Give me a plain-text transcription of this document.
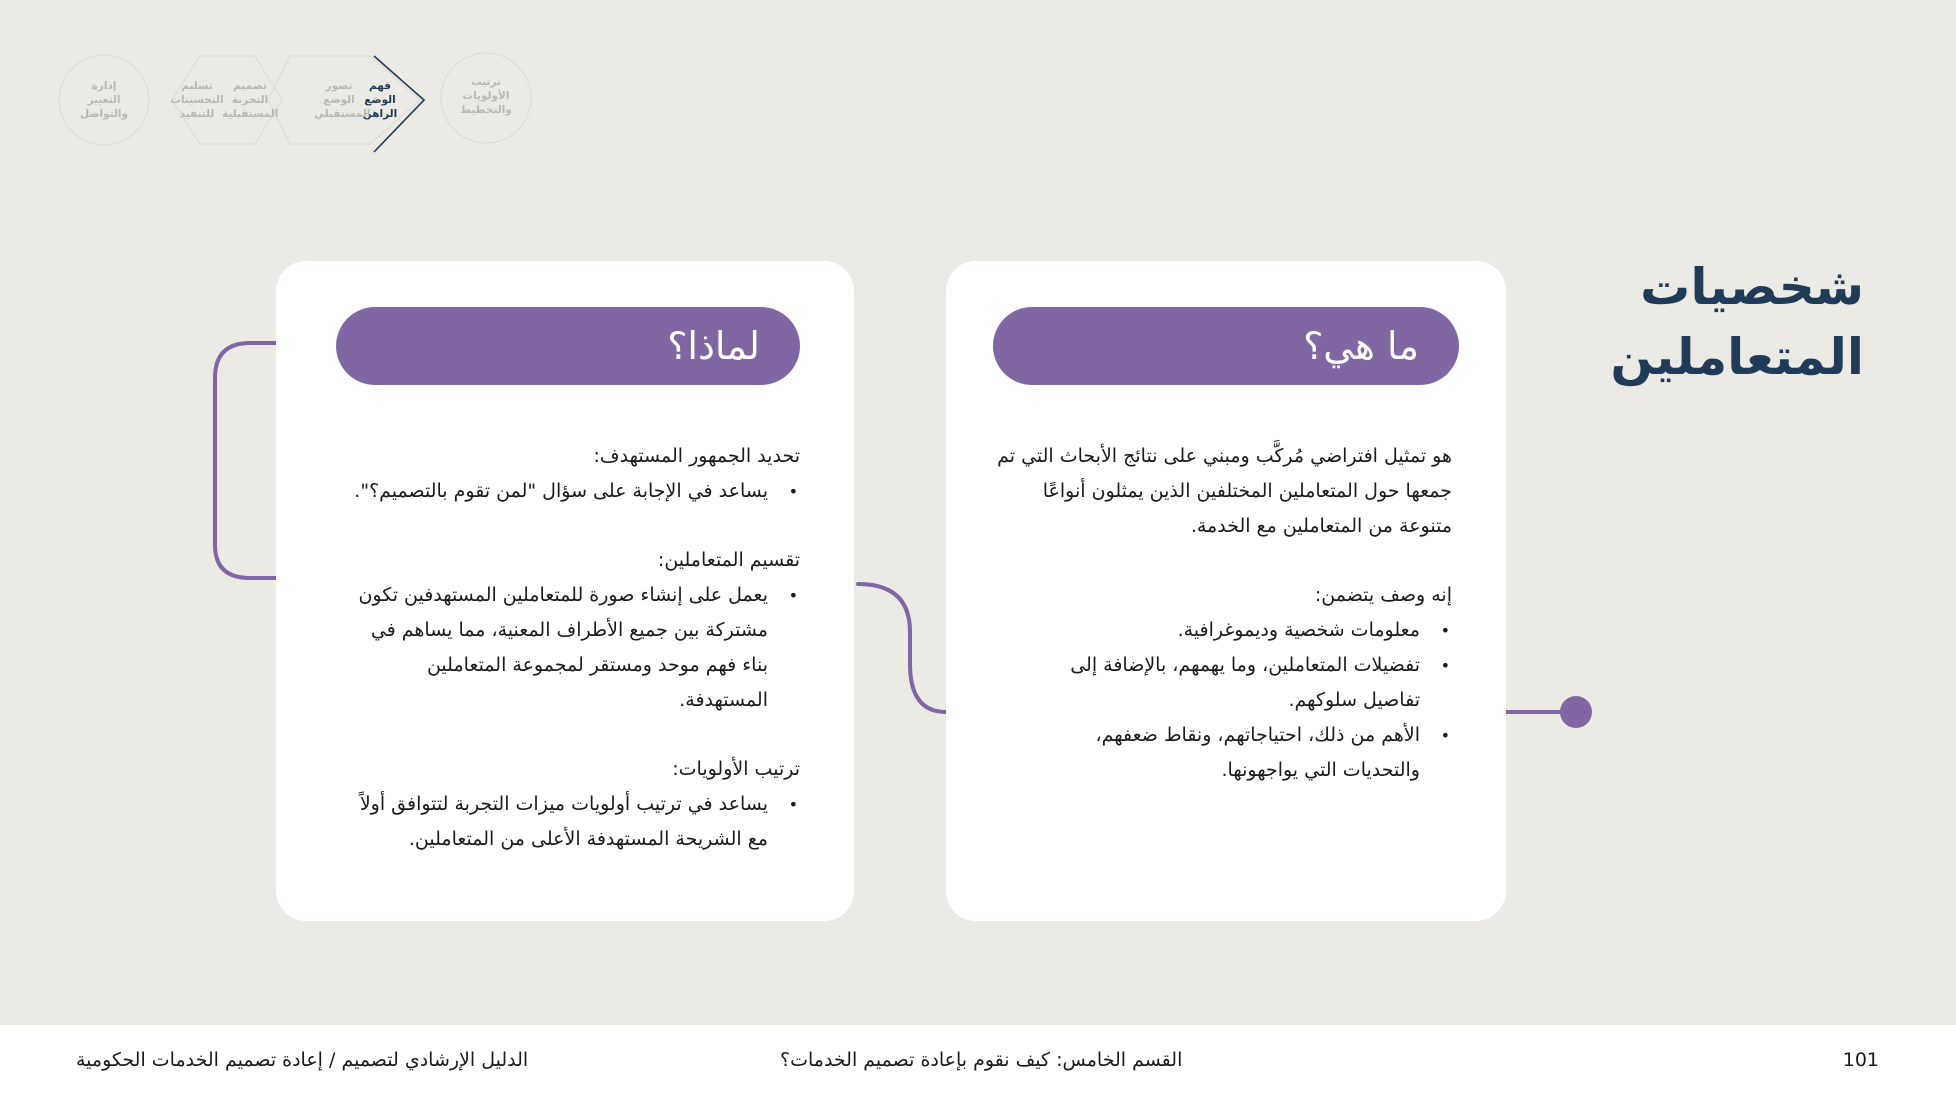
ترتيب
الأولويات
والتخطيط
فهم
الوضع
الراهن
تصور
الوضع
المستقبلي
تصميم
التجربة
المستقبلية
تسليم
التحسينات
للتنفيذ
إدارة
التغيير
والتواصل
شخصيات
المتعاملين
ما هي؟

هو تمثيل افتراضي مُركَّب ومبني على نتائج الأبحاث التي تم جمعها حول المتعاملين المختلفين الذين يمثلون أنواعًا متنوعة من المتعاملين مع الخدمة.

إنه وصف يتضمن:

• معلومات شخصية وديموغرافية.
• تفضيلات المتعاملين، وما يهمهم، بالإضافة إلى تفاصيل سلوكهم.
• الأهم من ذلك، احتياجاتهم، ونقاط ضعفهم، والتحديات التي يواجهونها.
لماذا؟

تحديد الجمهور المستهدف:

• يساعد في الإجابة على سؤال "لمن تقوم بالتصميم؟".

تقسيم المتعاملين:

• يعمل على إنشاء صورة للمتعاملين المستهدفين تكون مشتركة بين جميع الأطراف المعنية، مما يساهم في بناء فهم موحد ومستقر لمجموعة المتعاملين المستهدفة.

ترتيب الأولويات:

• يساعد في ترتيب أولويات ميزات التجربة لتتوافق أولاً مع الشريحة المستهدفة الأعلى من المتعاملين.
الدليل الإرشادي لتصميم / إعادة تصميم الخدمات الحكومية	القسم الخامس: كيف نقوم بإعادة تصميم الخدمات؟	101
